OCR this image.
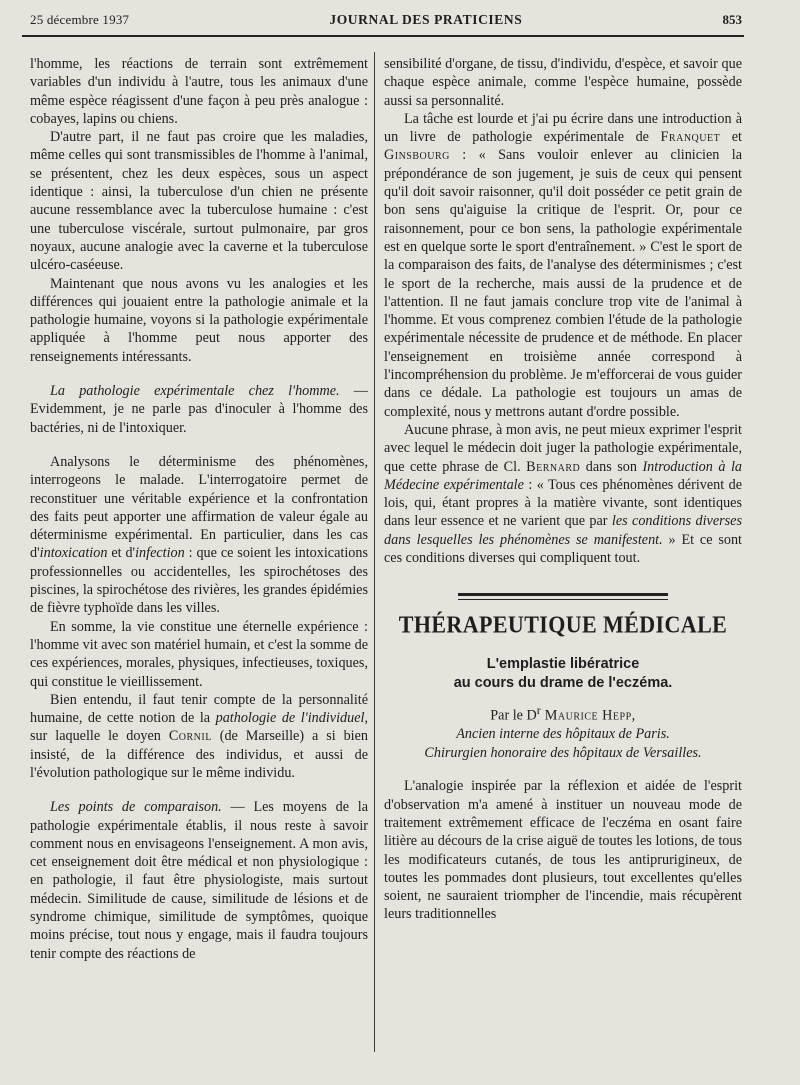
25 décembre 1937	JOURNAL DES PRATICIENS	853

l'homme, les réactions de terrain sont extrêmement variables d'un individu à l'autre, tous les animaux d'une même espèce réagissent d'une façon à peu près analogue : cobayes, lapins ou chiens.

D'autre part, il ne faut pas croire que les maladies, même celles qui sont transmissibles de l'homme à l'animal, se présentent, chez les deux espèces, sous un aspect identique : ainsi, la tuberculose d'un chien ne présente aucune ressemblance avec la tuberculose humaine : c'est une tuberculose viscérale, surtout pulmonaire, par gros noyaux, aucune analogie avec la caverne et la tuberculose ulcéro-caséeuse.

Maintenant que nous avons vu les analogies et les différences qui jouaient entre la pathologie animale et la pathologie humaine, voyons si la pathologie expérimentale appliquée à l'homme peut nous apporter des renseignements intéressants.

La pathologie expérimentale chez l'homme. — Evidemment, je ne parle pas d'inoculer à l'homme des bactéries, ni de l'intoxiquer.

Analysons le déterminisme des phénomènes, interrogeons le malade. L'interrogatoire permet de reconstituer une véritable expérience et la confrontation des faits peut apporter une affirmation de valeur égale au déterminisme expérimental. En particulier, dans les cas d'intoxication et d'infection : que ce soient les intoxications professionnelles ou accidentelles, les spirochétoses des piscines, la spirochétose des rivières, les grandes épidémies de fièvre typhoïde dans les villes.

En somme, la vie constitue une éternelle expérience : l'homme vit avec son matériel humain, et c'est la somme de ces expériences, morales, physiques, infectieuses, toxiques, qui constitue le vieillissement.

Bien entendu, il faut tenir compte de la personnalité humaine, de cette notion de la pathologie de l'individuel, sur laquelle le doyen Cornil (de Marseille) a si bien insisté, de la différence des individus, et aussi de l'évolution pathologique sur le même individu.

Les points de comparaison. — Les moyens de la pathologie expérimentale établis, il nous reste à savoir comment nous en envisageons l'enseignement. A mon avis, cet enseignement doit être médical et non physiologique : en pathologie, il faut être physiologiste, mais surtout médecin. Similitude de cause, similitude de lésions et de syndrome chimique, similitude de symptômes, quoique moins précise, tout nous y engage, mais il faudra toujours tenir compte des réactions de

sensibilité d'organe, de tissu, d'individu, d'espèce, et savoir que chaque espèce animale, comme l'espèce humaine, possède aussi sa personnalité.

La tâche est lourde et j'ai pu écrire dans une introduction à un livre de pathologie expérimentale de Franquet et Ginsbourg : « Sans vouloir enlever au clinicien la prépondérance de son jugement, je suis de ceux qui pensent qu'il doit savoir raisonner, qu'il doit posséder ce petit grain de bon sens qu'aiguise la critique de l'esprit. Or, pour ce raisonnement, pour ce bon sens, la pathologie expérimentale est en quelque sorte le sport d'entraînement. » C'est le sport de la comparaison des faits, de l'analyse des déterminismes ; c'est le sport de la recherche, mais aussi de la prudence et de l'attention. Il ne faut jamais conclure trop vite de l'animal à l'homme. Et vous comprenez combien l'étude de la pathologie expérimentale nécessite de prudence et de méthode. En placer l'enseignement en troisième année correspond à l'incompréhension du problème. Je m'efforcerai de vous guider dans ce dédale. La pathologie est toujours un amas de complexité, nous y mettrons autant d'ordre possible.

Aucune phrase, à mon avis, ne peut mieux exprimer l'esprit avec lequel le médecin doit juger la pathologie expérimentale, que cette phrase de Cl. Bernard dans son Introduction à la Médecine expérimentale : « Tous ces phénomènes dérivent de lois, qui, étant propres à la matière vivante, sont identiques dans leur essence et ne varient que par les conditions diverses dans lesquelles les phénomènes se manifestent. » Et ce sont ces conditions diverses qui compliquent tout.

THÉRAPEUTIQUE MÉDICALE
L'emplastie libératrice
au cours du drame de l'eczéma.
Par le $D^r$ Maurice Hepp,
Ancien interne des hôpitaux de Paris.
Chirurgien honoraire des hôpitaux de Versailles.

L'analogie inspirée par la réflexion et aidée de l'esprit d'observation m'a amené à instituer un nouveau mode de traitement extrêmement efficace de l'eczéma en osant faire litière au décours de la crise aiguë de toutes les lotions, de tous les modificateurs cutanés, de tous les antiprurigineux, de toutes les pommades dont plusieurs, tout excellentes qu'elles soient, ne sauraient triompher de l'incendie, mais récupèrent leurs traditionnelles
